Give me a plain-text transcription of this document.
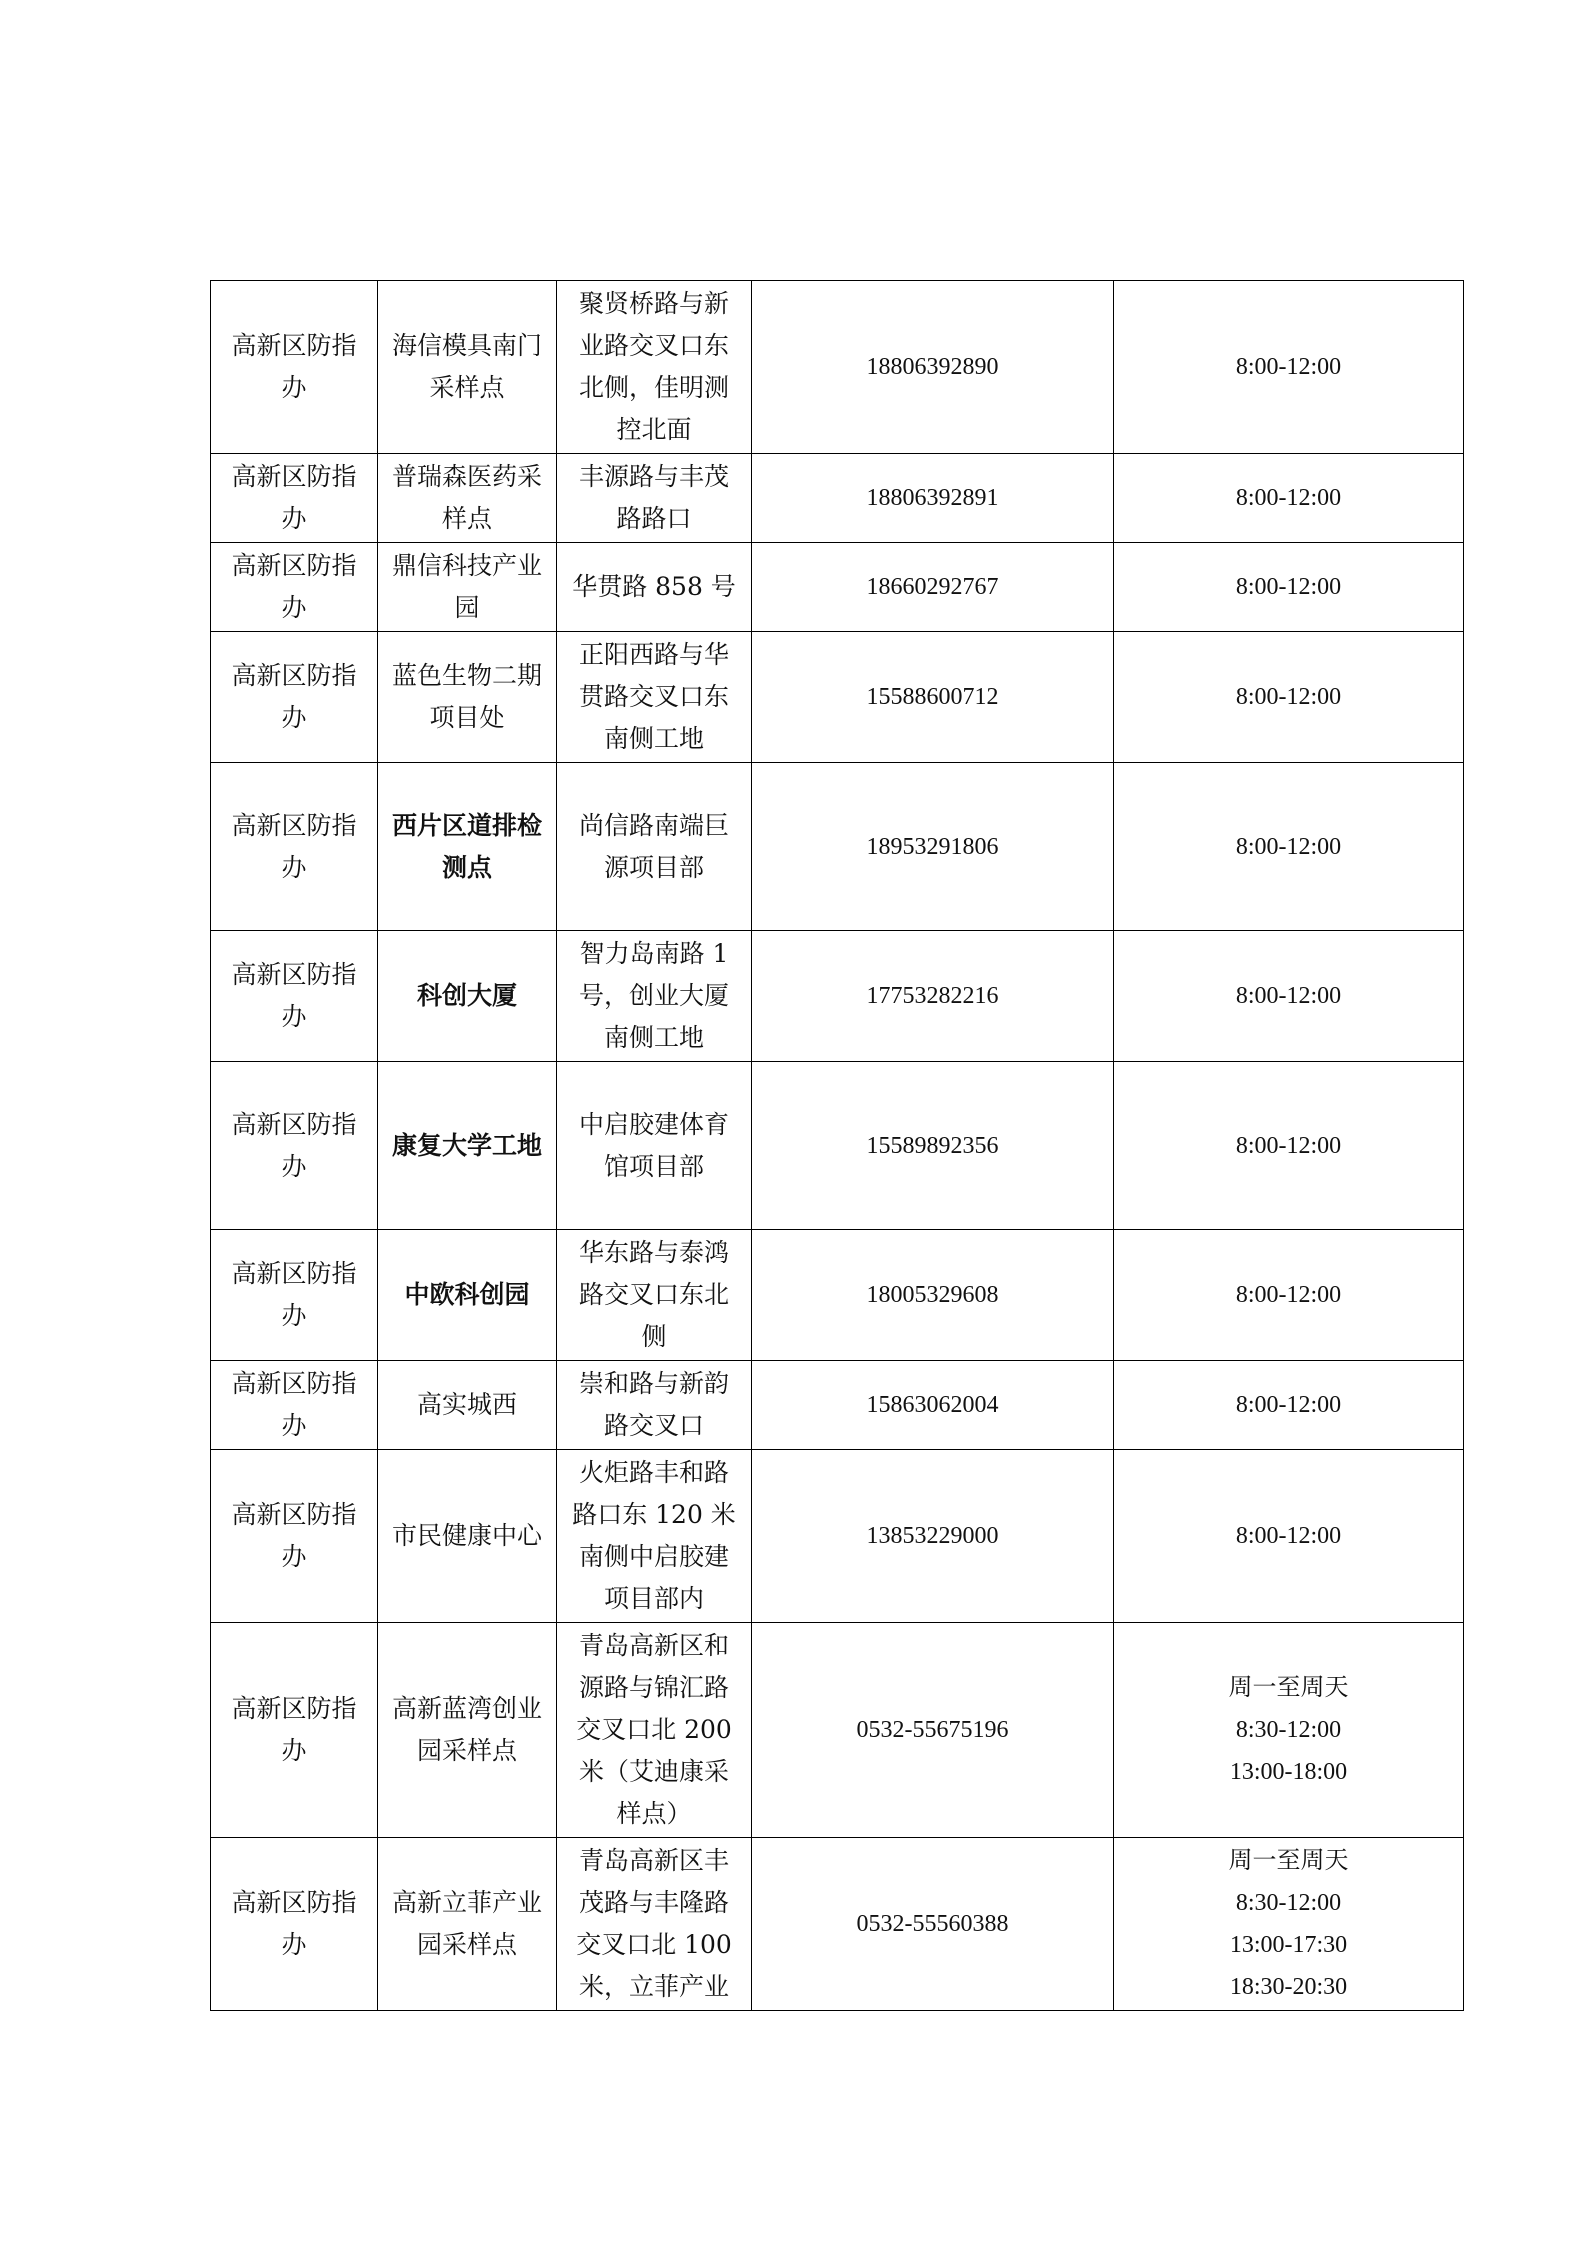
高新区防指办	海信模具南门采样点	聚贤桥路与新业路交叉口东北侧，佳明测控北面	18806392890	8:00-12:00

高新区防指办	普瑞森医药采样点	丰源路与丰茂路路口	18806392891	8:00-12:00

高新区防指办	鼎信科技产业园	华贯路 858 号	18660292767	8:00-12:00

高新区防指办	蓝色生物二期项目处	正阳西路与华贯路交叉口东南侧工地	15588600712	8:00-12:00

高新区防指办	西片区道排检测点	尚信路南端巨源项目部	18953291806	8:00-12:00

高新区防指办	科创大厦	智力岛南路 1 号，创业大厦南侧工地	17753282216	8:00-12:00

高新区防指办	康复大学工地	中启胶建体育馆项目部	15589892356	8:00-12:00

高新区防指办	中欧科创园	华东路与泰鸿路交叉口东北侧	18005329608	8:00-12:00

高新区防指办	高实城西	崇和路与新韵路交叉口	15863062004	8:00-12:00

高新区防指办	市民健康中心	火炬路丰和路路口东 120 米南侧中启胶建项目部内	13853229000	8:00-12:00

高新区防指办	高新蓝湾创业园采样点	青岛高新区和源路与锦汇路交叉口北 200 米（艾迪康采样点）	0532-55675196	周一至周天
8:30-12:00
13:00-18:00

高新区防指办	高新立菲产业园采样点	青岛高新区丰茂路与丰隆路交叉口北 100 米，立菲产业	0532-55560388	周一至周天
8:30-12:00
13:00-17:30
18:30-20:30
